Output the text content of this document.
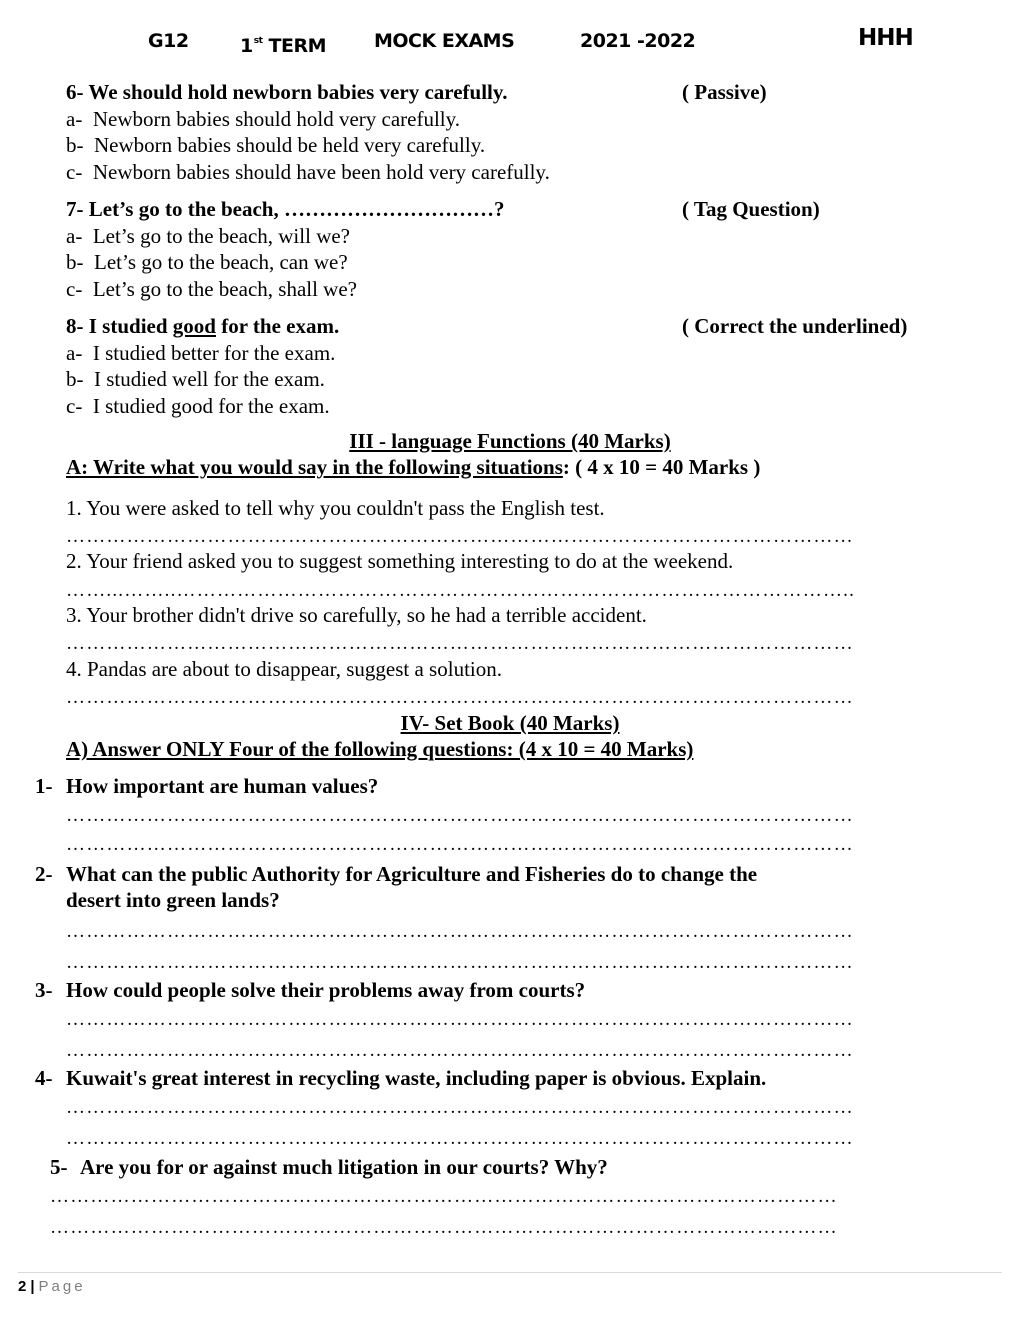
G12	1st TERM	MOCK EXAMS	2021 -2022	HHH
6- We should hold newborn babies very carefully.	( Passive)
a- Newborn babies should hold very carefully.
b- Newborn babies should be held very carefully.
c- Newborn babies should have been hold very carefully.
7- Let’s go to the beach, …………………………?	( Tag Question)
a- Let’s go to the beach, will we?
b- Let’s go to the beach, can we?
c- Let’s go to the beach, shall we?
8- I studied good for the exam.	( Correct the underlined)
a- I studied better for the exam.
b- I studied well for the exam.
c- I studied good for the exam.
III - language Functions (40 Marks)
A: Write what you would say in the following situations: ( 4 x 10 = 40 Marks )
1. You were asked to tell why you couldn't pass the English test.
………………………………………………………………………………………………………
2. Your friend asked you to suggest something interesting to do at the weekend.
……...……..………………………………………………………………………………………..
3. Your brother didn't drive so carefully, so he had a terrible accident.
………………………………………………………………………………………………………
4. Pandas are about to disappear, suggest a solution.
………………………………………………………………………………………………………
IV- Set Book (40 Marks)
A) Answer ONLY Four of the following questions: (4 x 10 = 40 Marks)
1- How important are human values?
………………………………………………………………………………………………………
………………………………………………………………………………………………………
2- What can the public Authority for Agriculture and Fisheries do to change the
desert into green lands?
………………………………………………………………………………………………………
………………………………………………………………………………………………………
3- How could people solve their problems away from courts?
………………………………………………………………………………………………………
………………………………………………………………………………………………………
4- Kuwait's great interest in recycling waste, including paper is obvious. Explain.
………………………………………………………………………………………………………
………………………………………………………………………………………………………
5- Are you for or against much litigation in our courts? Why?
………………………………………………………………………………………………………
………………………………………………………………………………………………………
2 | Page
